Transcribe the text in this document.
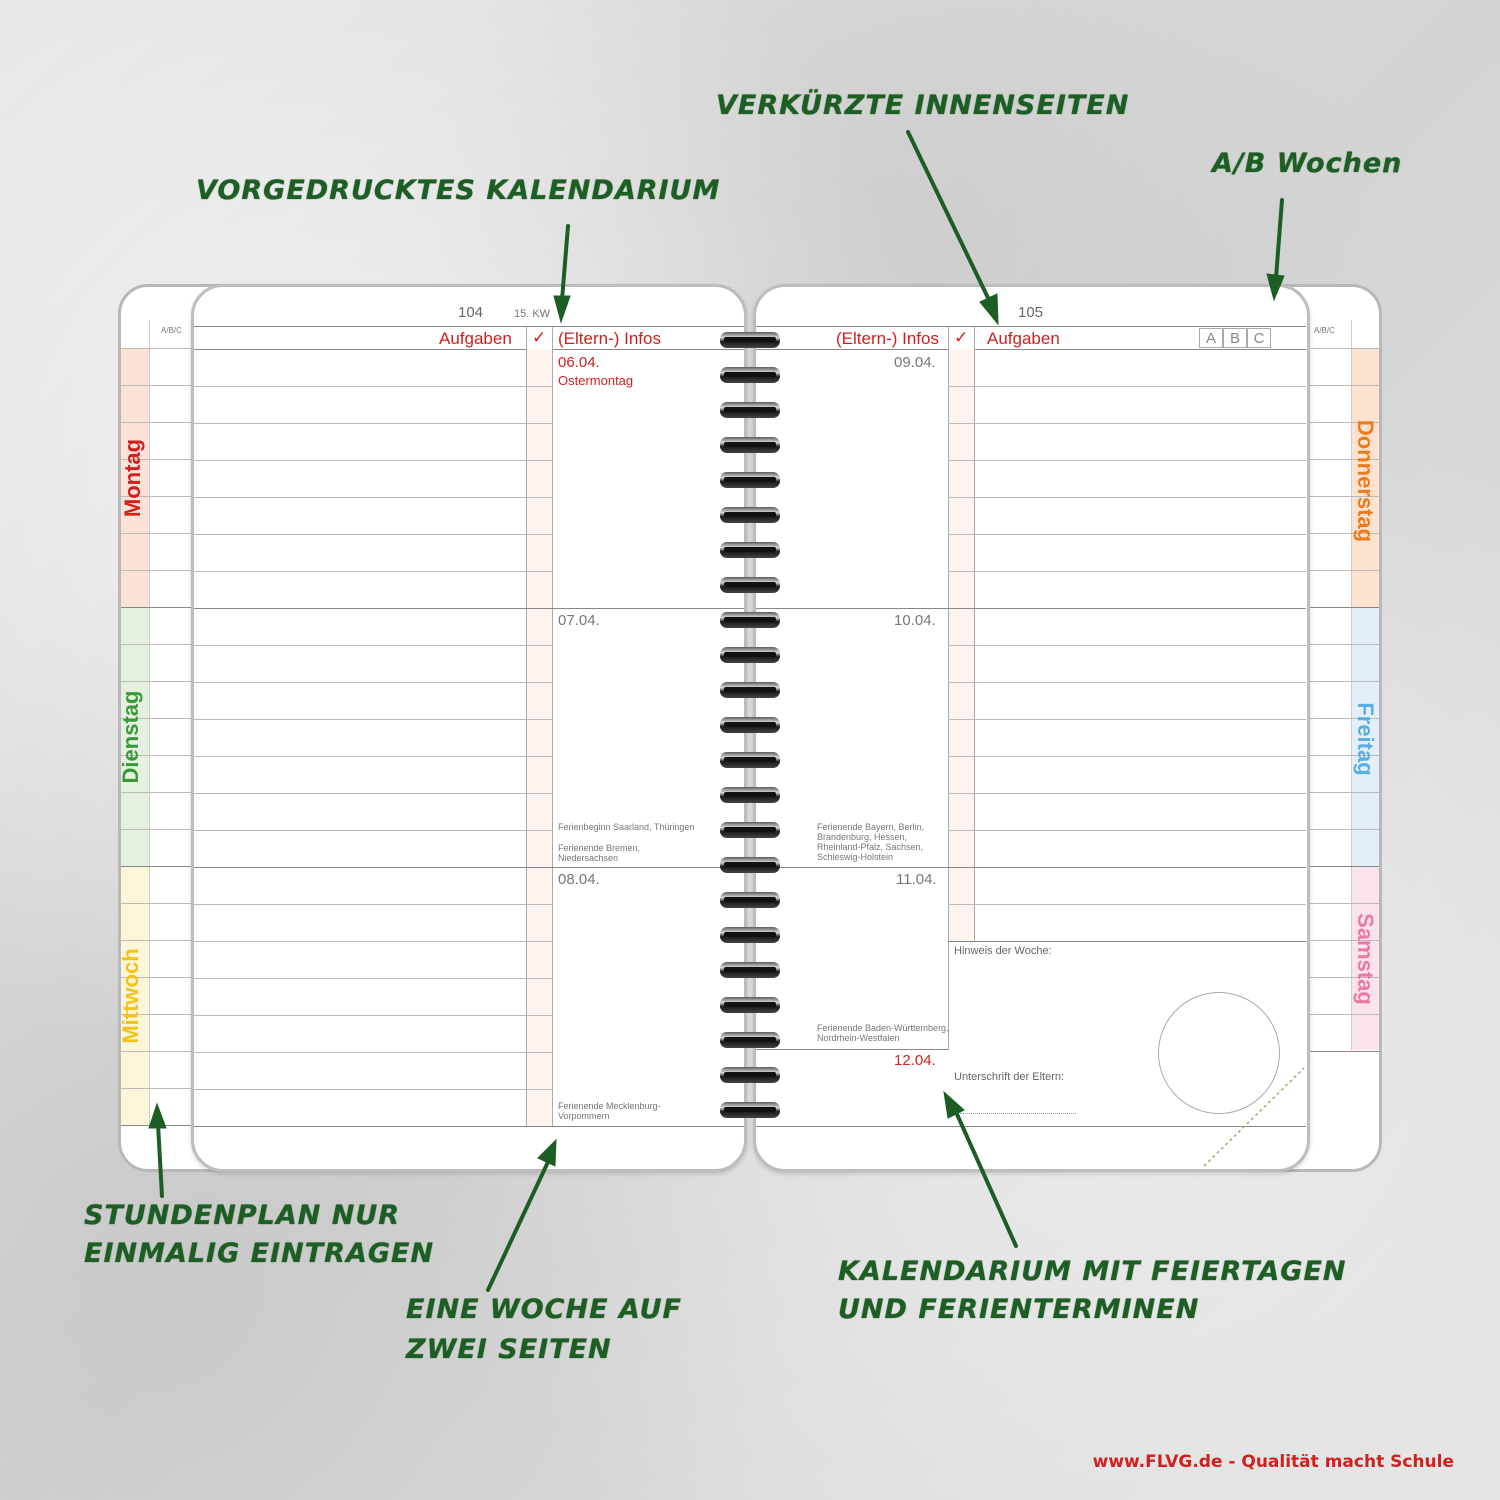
A/B/C
Montag
Dienstag
Mittwoch
A/B/C
Donnerstag
Freitag
Samstag
104	15. KW
Aufgaben ✓ (Eltern-) Infos
06.04.
Ostermontag
07.04.
Ferienbeginn Saarland, Thüringen
Ferienende Bremen,
Niedersachsen
08.04.
Ferienende Mecklenburg-
Vorpommern
105
(Eltern-) Infos ✓ Aufgaben	A B C
09.04.
10.04.
Ferienende Bayern, Berlin,
Brandenburg, Hessen,
Rheinland-Pfalz, Sachsen,
Schleswig-Holstein
11.04.
Ferienende Baden-Württemberg,
Nordrhein-Westfalen
12.04.
Hinweis der Woche:
Unterschrift der Eltern:
VORGEDRUCKTES KALENDARIUM
VERKÜRZTE INNENSEITEN
A/B Wochen
STUNDENPLAN NUR
EINMALIG EINTRAGEN
EINE WOCHE AUF
ZWEI SEITEN
KALENDARIUM MIT FEIERTAGEN
UND FERIENTERMINEN
www.FLVG.de - Qualität macht Schule
